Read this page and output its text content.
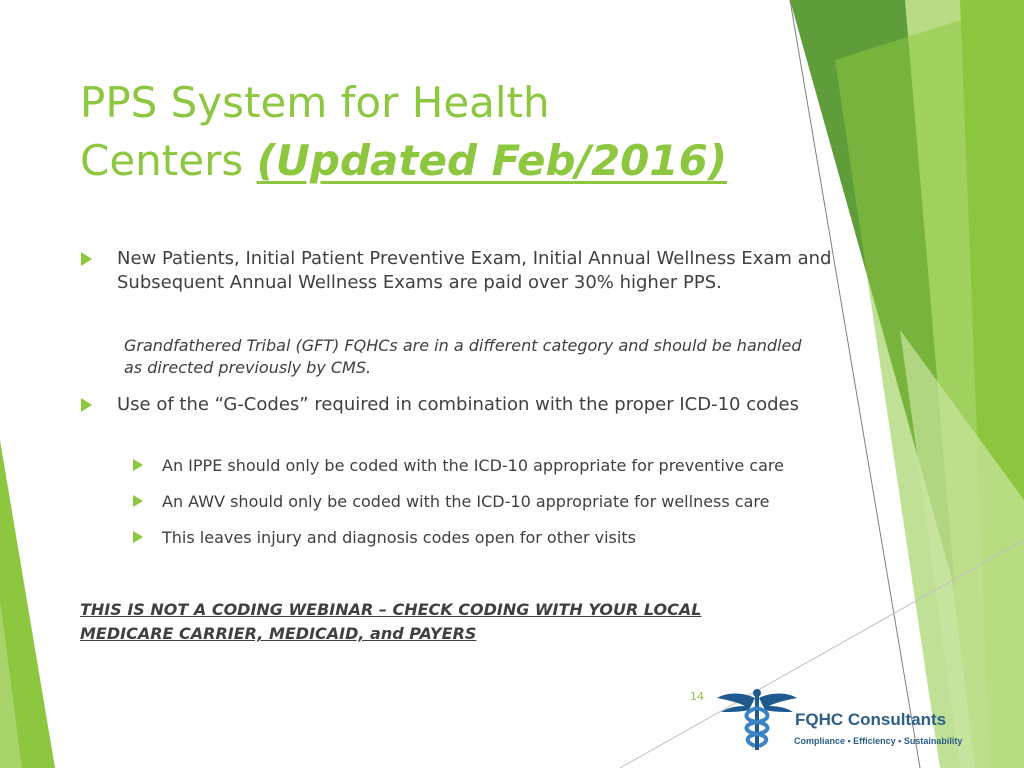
PPS System for Health
Centers (Updated Feb/2016)
New Patients, Initial Patient Preventive Exam, Initial Annual Wellness Exam and Subsequent Annual Wellness Exams are paid over 30% higher PPS.
Grandfathered Tribal (GFT) FQHCs are in a different category and should be handled as directed previously by CMS.
Use of the “G-Codes” required in combination with the proper ICD-10 codes
An IPPE should only be coded with the ICD-10 appropriate for preventive care
An AWV should only be coded with the ICD-10 appropriate for wellness care
This leaves injury and diagnosis codes open for other visits
THIS IS NOT A CODING WEBINAR – CHECK CODING WITH YOUR LOCAL MEDICARE CARRIER, MEDICAID, and PAYERS
14
FQHC Consultants
Compliance • Efficiency • Sustainability
